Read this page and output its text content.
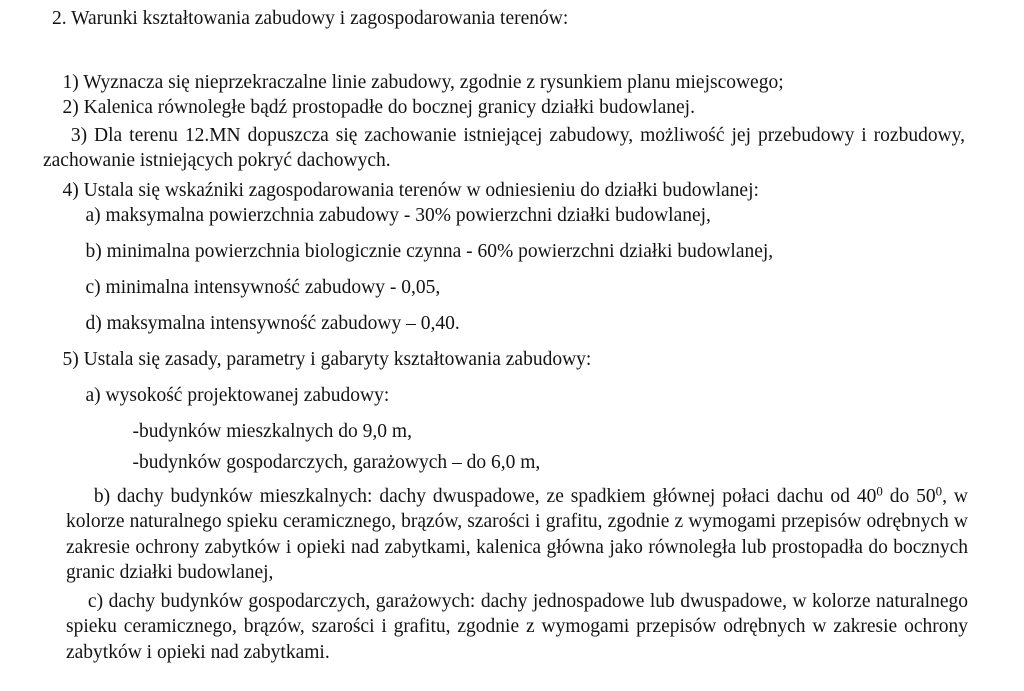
2. Warunki kształtowania zabudowy i zagospodarowania terenów:

1) Wyznacza się nieprzekraczalne linie zabudowy, zgodnie z rysunkiem planu miejscowego;

2) Kalenica równoległe bądź prostopadłe do bocznej granicy działki budowlanej.

3) Dla terenu 12.MN dopuszcza się zachowanie istniejącej zabudowy, możliwość jej przebudowy i rozbudowy, zachowanie istniejących pokryć dachowych.

4) Ustala się wskaźniki zagospodarowania terenów w odniesieniu do działki budowlanej:

a) maksymalna powierzchnia zabudowy - 30% powierzchni działki budowlanej,

b) minimalna powierzchnia biologicznie czynna - 60% powierzchni działki budowlanej,

c) minimalna intensywność zabudowy - 0,05,

d) maksymalna intensywność zabudowy – 0,40.

5) Ustala się zasady, parametry i gabaryty kształtowania zabudowy:

a) wysokość projektowanej zabudowy:

-budynków mieszkalnych do 9,0 m,

-budynków gospodarczych, garażowych – do 6,0 m,

b) dachy budynków mieszkalnych: dachy dwuspadowe, ze spadkiem głównej połaci dachu od $40^0$ do $50^0$, w kolorze naturalnego spieku ceramicznego, brązów, szarości i grafitu, zgodnie z wymogami przepisów odrębnych w zakresie ochrony zabytków i opieki nad zabytkami, kalenica główna jako równoległa lub prostopadła do bocznych granic działki budowlanej,

c) dachy budynków gospodarczych, garażowych: dachy jednospadowe lub dwuspadowe, w kolorze naturalnego spieku ceramicznego, brązów, szarości i grafitu, zgodnie z wymogami przepisów odrębnych w zakresie ochrony zabytków i opieki nad zabytkami.
